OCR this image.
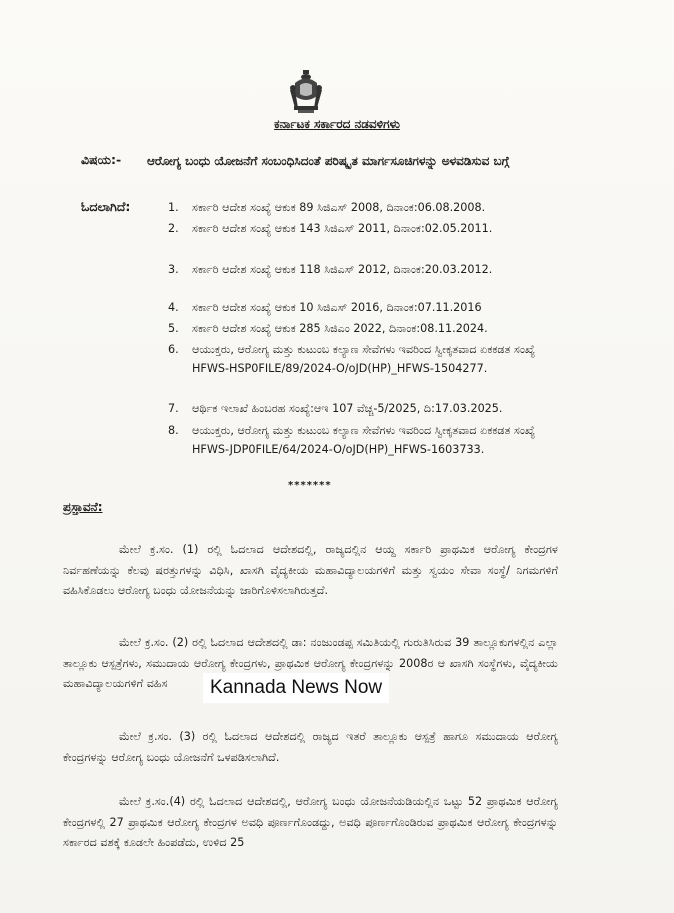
ಕರ್ನಾಟಕ ಸರ್ಕಾರದ ನಡವಳಿಗಳು
ವಿಷಯ:- ಆರೋಗ್ಯ ಬಂಧು ಯೋಜನೆಗೆ ಸಂಬಂಧಿಸಿದಂತೆ ಪರಿಷ್ಕೃತ ಮಾರ್ಗಸೂಚಿಗಳನ್ನು ಅಳವಡಿಸುವ ಬಗ್ಗೆ
ಓದಲಾಗಿದೆ:	1.	ಸರ್ಕಾರಿ ಆದೇಶ ಸಂಖ್ಯೆ ಆಕುಕ 89 ಸಿಜಿಎಸ್ 2008, ದಿನಾಂಕ:06.08.2008.
2.	ಸರ್ಕಾರಿ ಆದೇಶ ಸಂಖ್ಯೆ ಆಕುಕ 143 ಸಿಜಿಎಸ್ 2011, ದಿನಾಂಕ:02.05.2011.
3.	ಸರ್ಕಾರಿ ಆದೇಶ ಸಂಖ್ಯೆ ಆಕುಕ 118 ಸಿಜಿಎಸ್ 2012, ದಿನಾಂಕ:20.03.2012.
4.	ಸರ್ಕಾರಿ ಆದೇಶ ಸಂಖ್ಯೆ ಆಕುಕ 10 ಸಿಜಿಎಸ್ 2016, ದಿನಾಂಕ:07.11.2016
5.	ಸರ್ಕಾರಿ ಆದೇಶ ಸಂಖ್ಯೆ ಆಕುಕ 285 ಸಿಜಿಎಂ 2022, ದಿನಾಂಕ:08.11.2024.
6.	ಆಯುಕ್ತರು, ಆರೋಗ್ಯ ಮತ್ತು ಕುಟುಂಬ ಕಲ್ಯಾಣ ಸೇವೆಗಳು ಇವರಿಂದ ಸ್ವೀಕೃತವಾದ ಏಕಕಡತ ಸಂಖ್ಯೆ HFWS-HSP0FILE/89/2024-O/oJD(HP)_HFWS-1504277.
7.	ಆರ್ಥಿಕ ಇಲಾಖೆ ಹಿಂಬರಹ ಸಂಖ್ಯೆ:ಆಇ 107 ವೆಚ್ಚ-5/2025, ದಿ:17.03.2025.
8.	ಆಯುಕ್ತರು, ಆರೋಗ್ಯ ಮತ್ತು ಕುಟುಂಬ ಕಲ್ಯಾಣ ಸೇವೆಗಳು ಇವರಿಂದ ಸ್ವೀಕೃತವಾದ ಏಕಕಡತ ಸಂಖ್ಯೆ HFWS-JDP0FILE/64/2024-O/oJD(HP)_HFWS-1603733.
*******
ಪ್ರಸ್ತಾವನೆ:
ಮೇಲೆ ಕ್ರ.ಸಂ. (1) ರಲ್ಲಿ ಓದಲಾದ ಆದೇಶದಲ್ಲಿ, ರಾಜ್ಯದಲ್ಲಿನ ಆಯ್ದ ಸರ್ಕಾರಿ ಪ್ರಾಥಮಿಕ ಆರೋಗ್ಯ ಕೇಂದ್ರಗಳ ನಿರ್ವಹಣೆಯನ್ನು ಕೆಲವು ಷರತ್ತುಗಳನ್ನು ವಿಧಿಸಿ, ಖಾಸಗಿ ವೈದ್ಯಕೀಯ ಮಹಾವಿದ್ಯಾಲಯಗಳಿಗೆ ಮತ್ತು ಸ್ವಯಂ ಸೇವಾ ಸಂಸ್ಥೆ/ ನಿಗಮಗಳಿಗೆ ವಹಿಸಿಕೊಡಲು ಆರೋಗ್ಯ ಬಂಧು ಯೋಜನೆಯನ್ನು ಜಾರಿಗೊಳಿಸಲಾಗಿರುತ್ತದೆ.
ಮೇಲೆ ಕ್ರ.ಸಂ. (2) ರಲ್ಲಿ ಓದಲಾದ ಆದೇಶದಲ್ಲಿ ಡಾ: ನಂಜುಂಡಪ್ಪ ಸಮಿತಿಯಲ್ಲಿ ಗುರುತಿಸಿರುವ 39 ತಾಲ್ಲೂಕುಗಳಲ್ಲಿನ ಎಲ್ಲಾ ತಾಲ್ಲೂಕು ಆಸ್ಪತ್ರೆಗಳು, ಸಮುದಾಯ ಆರೋಗ್ಯ ಕೇಂದ್ರಗಳು, ಪ್ರಾಥಮಿಕ ಆರೋಗ್ಯ ಕೇಂದ್ರಗಳನ್ನು 2008ರ ಆ ಖಾಸಗಿ ಸಂಸ್ಥೆಗಳು, ವೈದ್ಯಕೀಯ ಮಹಾವಿದ್ಯಾಲಯಗಳಿಗೆ ವಹಿಸ
ಮೇಲೆ ಕ್ರ.ಸಂ. (3) ರಲ್ಲಿ ಓದಲಾದ ಆದೇಶದಲ್ಲಿ ರಾಜ್ಯದ ಇತರೆ ತಾಲ್ಲೂಕು ಆಸ್ಪತ್ರೆ ಹಾಗೂ ಸಮುದಾಯ ಆರೋಗ್ಯ ಕೇಂದ್ರಗಳನ್ನು ಆರೋಗ್ಯ ಬಂಧು ಯೋಜನೆಗೆ ಒಳಪಡಿಸಲಾಗಿದೆ.
ಮೇಲೆ ಕ್ರ.ಸಂ.(4) ರಲ್ಲಿ ಓದಲಾದ ಆದೇಶದಲ್ಲಿ, ಆರೋಗ್ಯ ಬಂಧು ಯೋಜನೆಯಡಿಯಲ್ಲಿನ ಒಟ್ಟು 52 ಪ್ರಾಥಮಿಕ ಆರೋಗ್ಯ ಕೇಂದ್ರಗಳಲ್ಲಿ 27 ಪ್ರಾಥಮಿಕ ಆರೋಗ್ಯ ಕೇಂದ್ರಗಳ ಅವಧಿ ಪೂರ್ಣಗೊಂಡದ್ದು, ಅವಧಿ ಪೂರ್ಣಗೊಂಡಿರುವ ಪ್ರಾಥಮಿಕ ಆರೋಗ್ಯ ಕೇಂದ್ರಗಳನ್ನು ಸರ್ಕಾರದ ವಶಕ್ಕೆ ಕೂಡಲೇ ಹಿಂಪಡೆದು, ಉಳಿದ 25
Kannada News Now
